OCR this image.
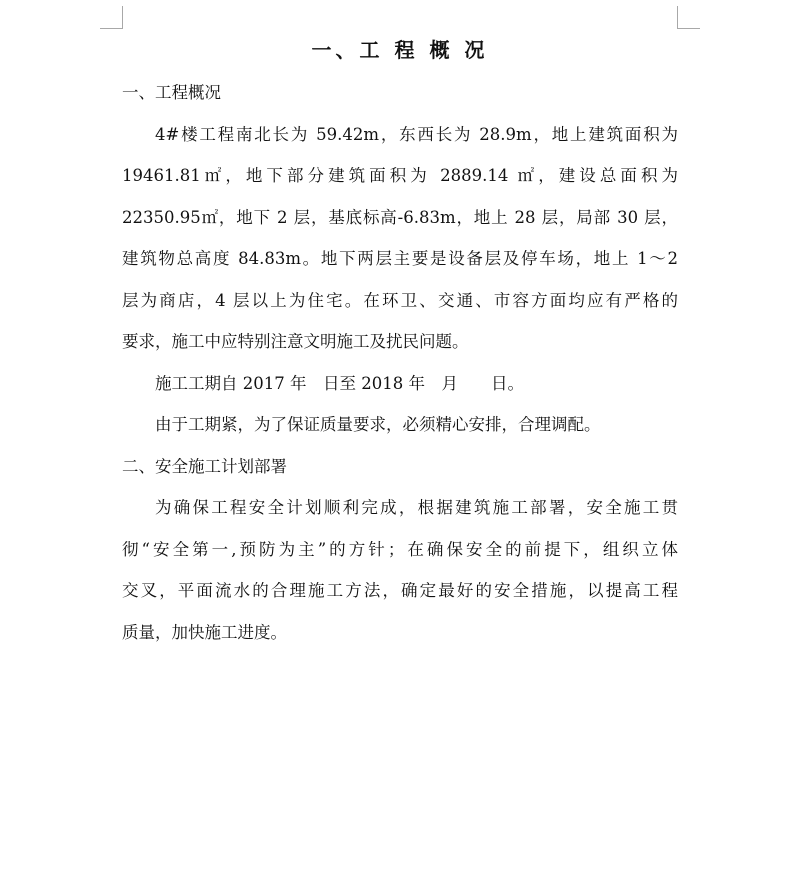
一、工 程 概 况
一、工程概况
4#楼工程南北长为 59.42m，东西长为 28.9m，地上建筑面积为
19461.81㎡，地下部分建筑面积为 2889.14 ㎡，建设总面积为
22350.95㎡，地下 2 层，基底标高-6.83m，地上 28 层，局部 30 层，
建筑物总高度 84.83m。地下两层主要是设备层及停车场，地上 1～2
层为商店，4 层以上为住宅。在环卫、交通、市容方面均应有严格的
要求，施工中应特别注意文明施工及扰民问题。
施工工期自 2017 年　日至 2018 年　月　　日。
由于工期紧，为了保证质量要求，必须精心安排，合理调配。
二、安全施工计划部署
为确保工程安全计划顺利完成，根据建筑施工部署，安全施工贯
彻“安全第一,预防为主”的方针；在确保安全的前提下，组织立体
交叉，平面流水的合理施工方法，确定最好的安全措施，以提高工程
质量，加快施工进度。
